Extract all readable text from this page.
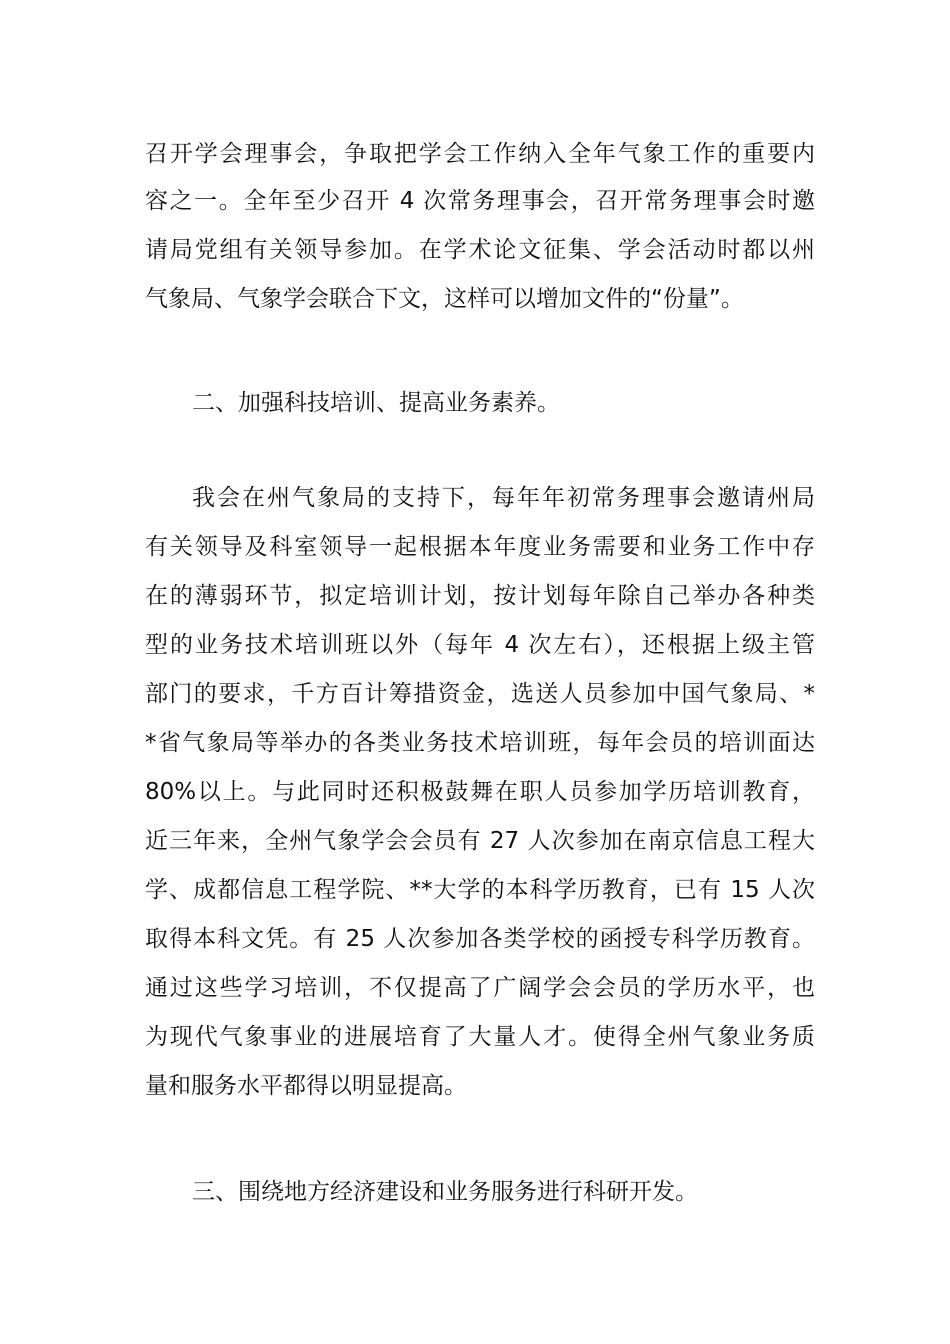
召开学会理事会，争取把学会工作纳入全年气象工作的重要内
容之一。全年至少召开 4 次常务理事会，召开常务理事会时邀
请局党组有关领导参加。在学术论文征集、学会活动时都以州
气象局、气象学会联合下文，这样可以增加文件的“份量”。
二、加强科技培训、提高业务素养。
我会在州气象局的支持下，每年年初常务理事会邀请州局
有关领导及科室领导一起根据本年度业务需要和业务工作中存
在的薄弱环节，拟定培训计划，按计划每年除自己举办各种类
型的业务技术培训班以外（每年 4 次左右），还根据上级主管
部门的要求，千方百计筹措资金，选送人员参加中国气象局、*
*省气象局等举办的各类业务技术培训班，每年会员的培训面达
80%以上。与此同时还积极鼓舞在职人员参加学历培训教育，
近三年来，全州气象学会会员有 27 人次参加在南京信息工程大
学、成都信息工程学院、**大学的本科学历教育，已有 15 人次
取得本科文凭。有 25 人次参加各类学校的函授专科学历教育。
通过这些学习培训，不仅提高了广阔学会会员的学历水平，也
为现代气象事业的进展培育了大量人才。使得全州气象业务质
量和服务水平都得以明显提高。
三、围绕地方经济建设和业务服务进行科研开发。
